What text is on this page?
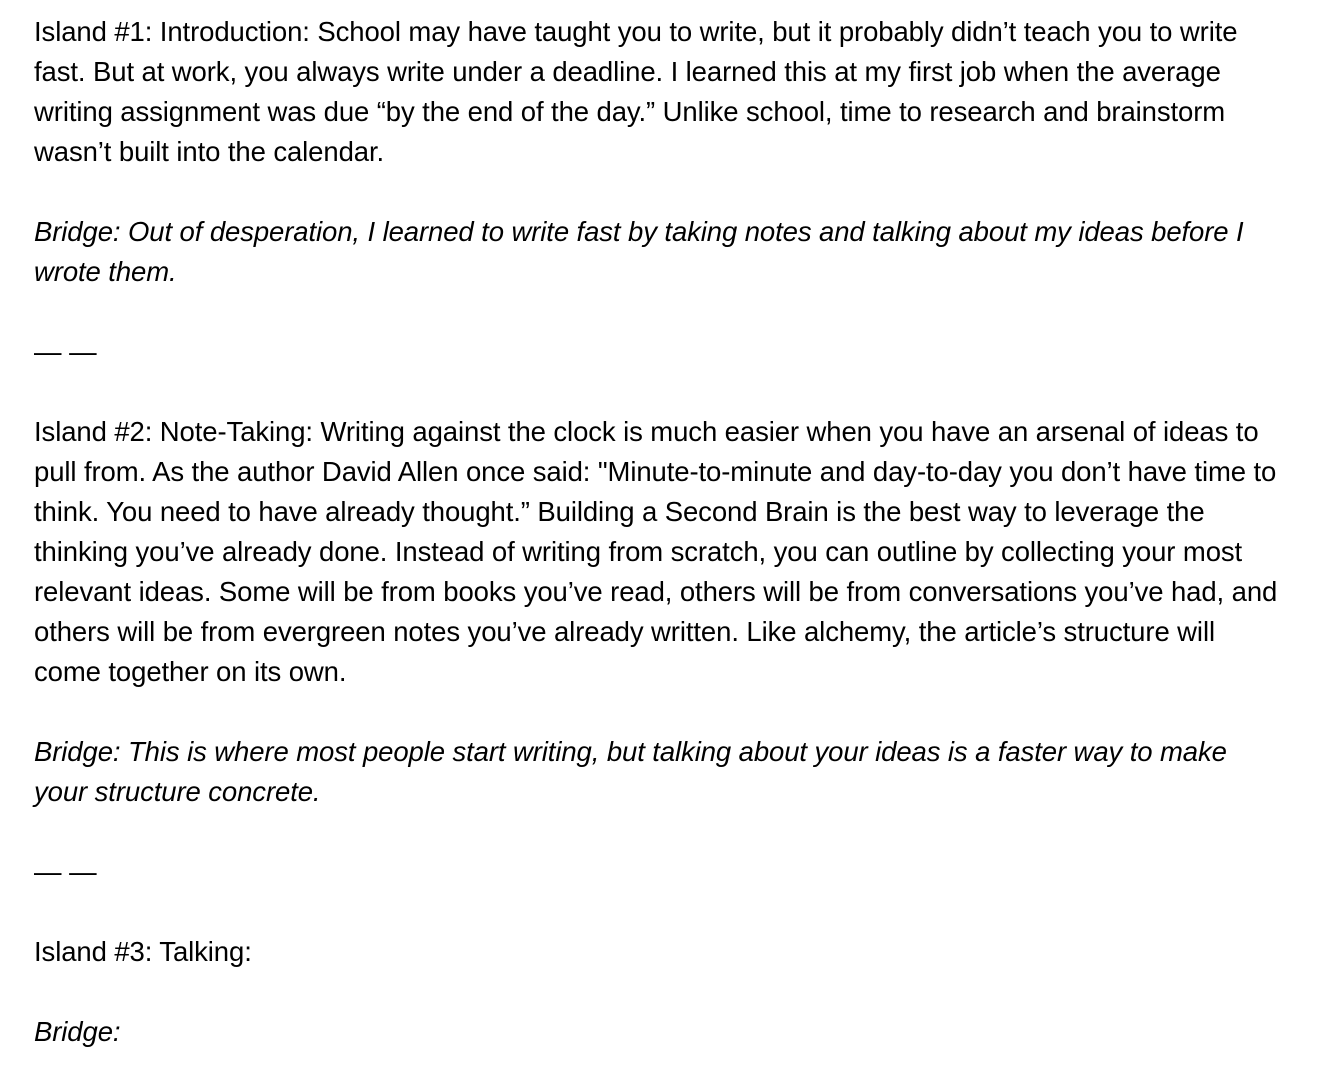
Island #1: Introduction: School may have taught you to write, but it probably didn’t teach you to write fast. But at work, you always write under a deadline. I learned this at my first job when the average writing assignment was due “by the end of the day.” Unlike school, time to research and brainstorm wasn’t built into the calendar.

Bridge: Out of desperation, I learned to write fast by taking notes and talking about my ideas before I wrote them.

— —

Island #2: Note-Taking: Writing against the clock is much easier when you have an arsenal of ideas to pull from. As the author David Allen once said: "Minute-to-minute and day-to-day you don’t have time to think. You need to have already thought.” Building a Second Brain is the best way to leverage the thinking you’ve already done. Instead of writing from scratch, you can outline by collecting your most relevant ideas. Some will be from books you’ve read, others will be from conversations you’ve had, and others will be from evergreen notes you’ve already written. Like alchemy, the article’s structure will come together on its own.

Bridge: This is where most people start writing, but talking about your ideas is a faster way to make your structure concrete.

— —

Island #3: Talking:

Bridge:
